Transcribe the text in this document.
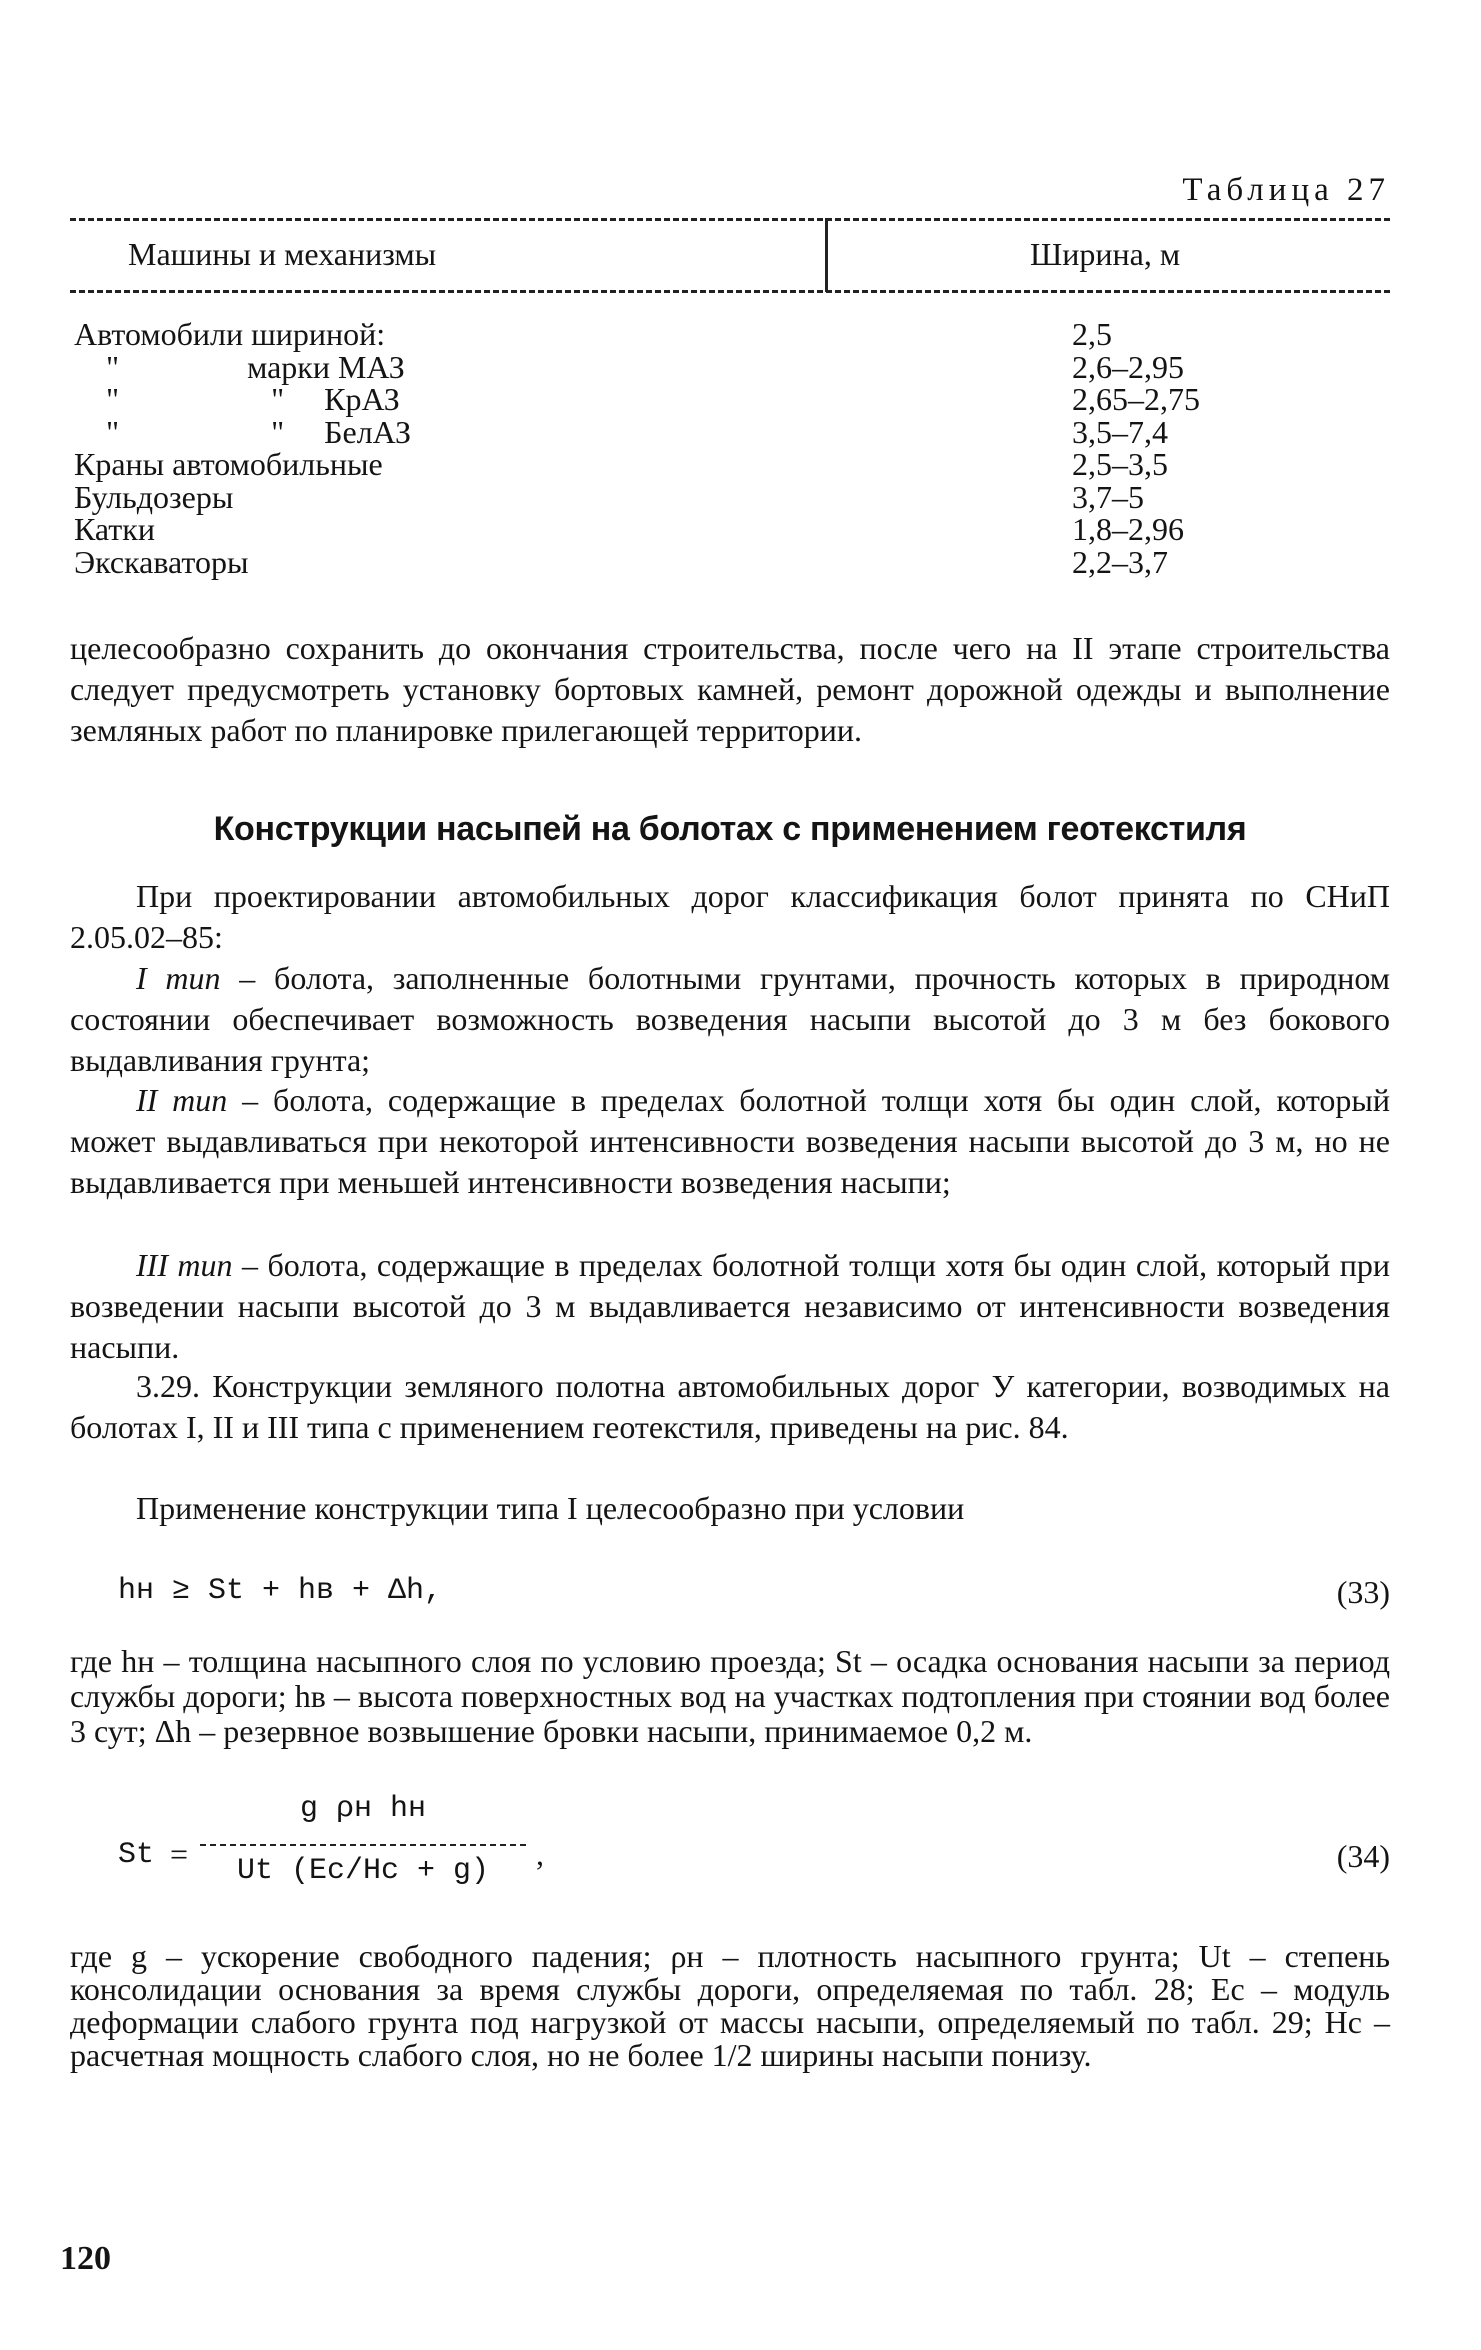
Таблица 27
Машины и механизмы	Ширина, м
Автомобили шириной:	2,5
"                марки МАЗ	2,6–2,95
"                   "     КрАЗ	2,65–2,75
"                   "     БелАЗ	3,5–7,4
Краны автомобильные	2,5–3,5
Бульдозеры	3,7–5
Катки	1,8–2,96
Экскаваторы	2,2–3,7
целесообразно сохранить до окончания строительства, после чего на II этапе строительства следует предусмотреть установку бортовых камней, ремонт дорожной одежды и выполнение земляных работ по планировке прилегающей территории.
Конструкции насыпей на болотах с применением геотекстиля
При проектировании автомобильных дорог классификация болот принята по СНиП 2.05.02–85:
I тип – болота, заполненные болотными грунтами, прочность которых в природном состоянии обеспечивает возможность возведения насыпи высотой до 3 м без бокового выдавливания грунта;
II тип – болота, содержащие в пределах болотной толщи хотя бы один слой, который может выдавливаться при некоторой интенсивности возведения насыпи высотой до 3 м, но не выдавливается при меньшей интенсивности возведения насыпи;
III тип – болота, содержащие в пределах болотной толщи хотя бы один слой, который при возведении насыпи высотой до 3 м выдавливается независимо от интенсивности возведения насыпи.
3.29. Конструкции земляного полотна автомобильных дорог У категории, возводимых на болотах I, II и III типа с применением геотекстиля, приведены на рис. 84.
Применение конструкции типа I целесообразно при условии
hн ≥ St + hв + Δh,	(33)
где hн – толщина насыпного слоя по условию проезда; St – осадка основания насыпи за период службы дороги; hв – высота поверхностных вод на участках подтопления при стоянии вод более 3 сут; Δh – резервное возвышение бровки насыпи, принимаемое 0,2 м.
St =
g ρн hн
Ut (Ec/Hc + g)	,	(34)
где g – ускорение свободного падения; ρн – плотность насыпного грунта; Ut – степень консолидации основания за время службы дороги, определяемая по табл. 28; Ec – модуль деформации слабого грунта под нагрузкой от массы насыпи, определяемый по табл. 29; Hc – расчетная мощность слабого слоя, но не более 1/2 ширины насыпи понизу.
120
